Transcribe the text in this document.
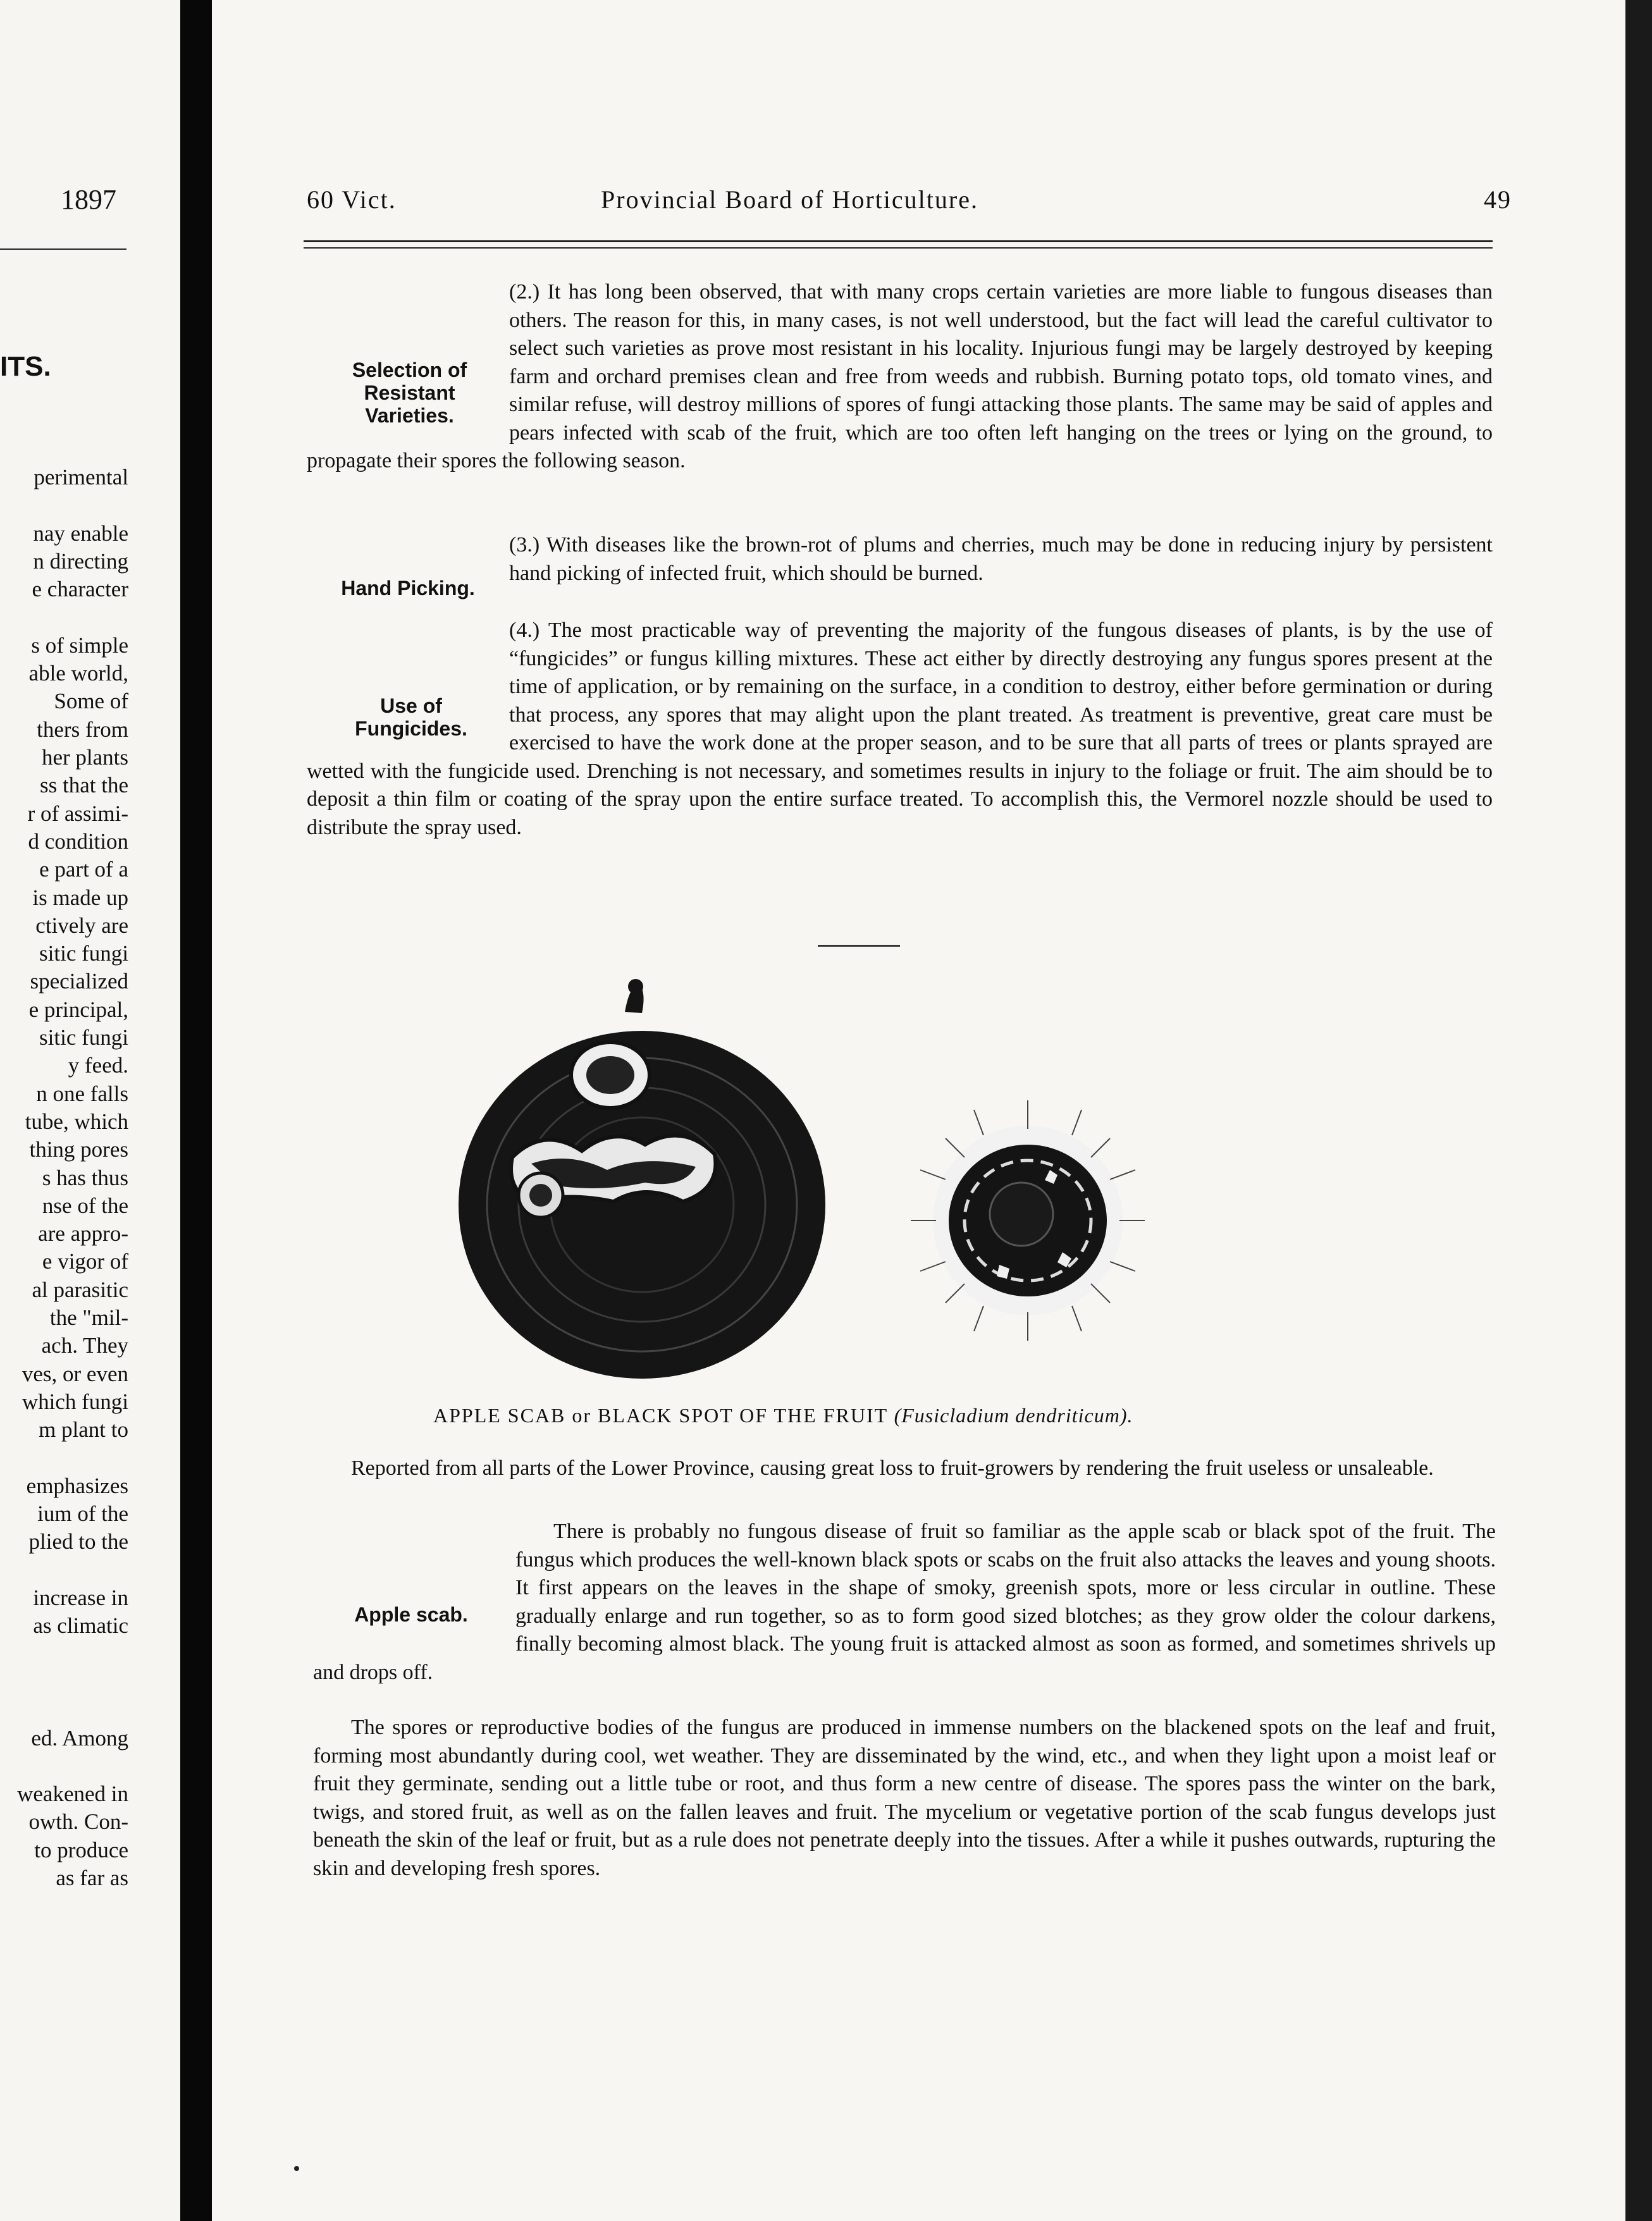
1897
ITS.
perimental
nay enable
n directing
e character
s of simple
able world,
Some of
thers from
her plants
ss that the
r of assimi-
d condition
e part of a
is made up
ctively are
sitic fungi
specialized
e principal,
sitic fungi
y feed.
n one falls
tube, which
thing pores
s has thus
nse of the
are appro-
e vigor of
al parasitic
the "mil-
ach. They
ves, or even
which fungi
m plant to
emphasizes
ium of the
plied to the
increase in
as climatic
ed. Among
weakened in
owth. Con-
to produce
as far as
60 Vict.	Provincial Board of Horticulture.	49
(2.) It has long been observed, that with many crops certain varieties are more liable to fungous diseases than others. The reason for this, in many cases, is not well understood, but the fact will lead the careful cultivator to select such varieties as prove most resistant in his locality. Injurious fungi may be largely destroyed by keeping farm and orchard premises clean and free from weeds and rubbish. Burning potato tops, old tomato vines, and similar refuse, will destroy millions of spores of fungi attacking those plants. The same may be said of apples and pears infected with scab of the fruit, which are too often left hanging on the trees or lying on the ground, to propagate their spores the following season.
Selection of Resistant Varieties.
(3.) With diseases like the brown-rot of plums and cherries, much may be done in reducing injury by persistent hand picking of infected fruit, which should be burned.
Hand Picking.
(4.) The most practicable way of preventing the majority of the fungous diseases of plants, is by the use of “fungicides” or fungus killing mixtures. These act either by directly destroying any fungus spores present at the time of application, or by remaining on the surface, in a condition to destroy, either before germination or during that process, any spores that may alight upon the plant treated. As treatment is preventive, great care must be exercised to have the work done at the proper season, and to be sure that all parts of trees or plants sprayed are wetted with the fungicide used. Drenching is not necessary, and sometimes results in injury to the foliage or fruit. The aim should be to deposit a thin film or coating of the spray upon the entire surface treated. To accomplish this, the Vermorel nozzle should be used to distribute the spray used.
Use of Fungicides.
APPLE SCAB or BLACK SPOT OF THE FRUIT (Fusicladium dendriticum).
Reported from all parts of the Lower Province, causing great loss to fruit-growers by rendering the fruit useless or unsaleable.
There is probably no fungous disease of fruit so familiar as the apple scab or black spot of the fruit. The fungus which produces the well-known black spots or scabs on the fruit also attacks the leaves and young shoots. It first appears on the leaves in the shape of smoky, greenish spots, more or less circular in outline. These gradually enlarge and run together, so as to form good sized blotches; as they grow older the colour darkens, finally becoming almost black. The young fruit is attacked almost as soon as formed, and sometimes shrivels up and drops off.
Apple scab.
The spores or reproductive bodies of the fungus are produced in immense numbers on the blackened spots on the leaf and fruit, forming most abundantly during cool, wet weather. They are disseminated by the wind, etc., and when they light upon a moist leaf or fruit they germinate, sending out a little tube or root, and thus form a new centre of disease. The spores pass the winter on the bark, twigs, and stored fruit, as well as on the fallen leaves and fruit. The mycelium or vegetative portion of the scab fungus develops just beneath the skin of the leaf or fruit, but as a rule does not penetrate deeply into the tissues. After a while it pushes outwards, rupturing the skin and developing fresh spores.
